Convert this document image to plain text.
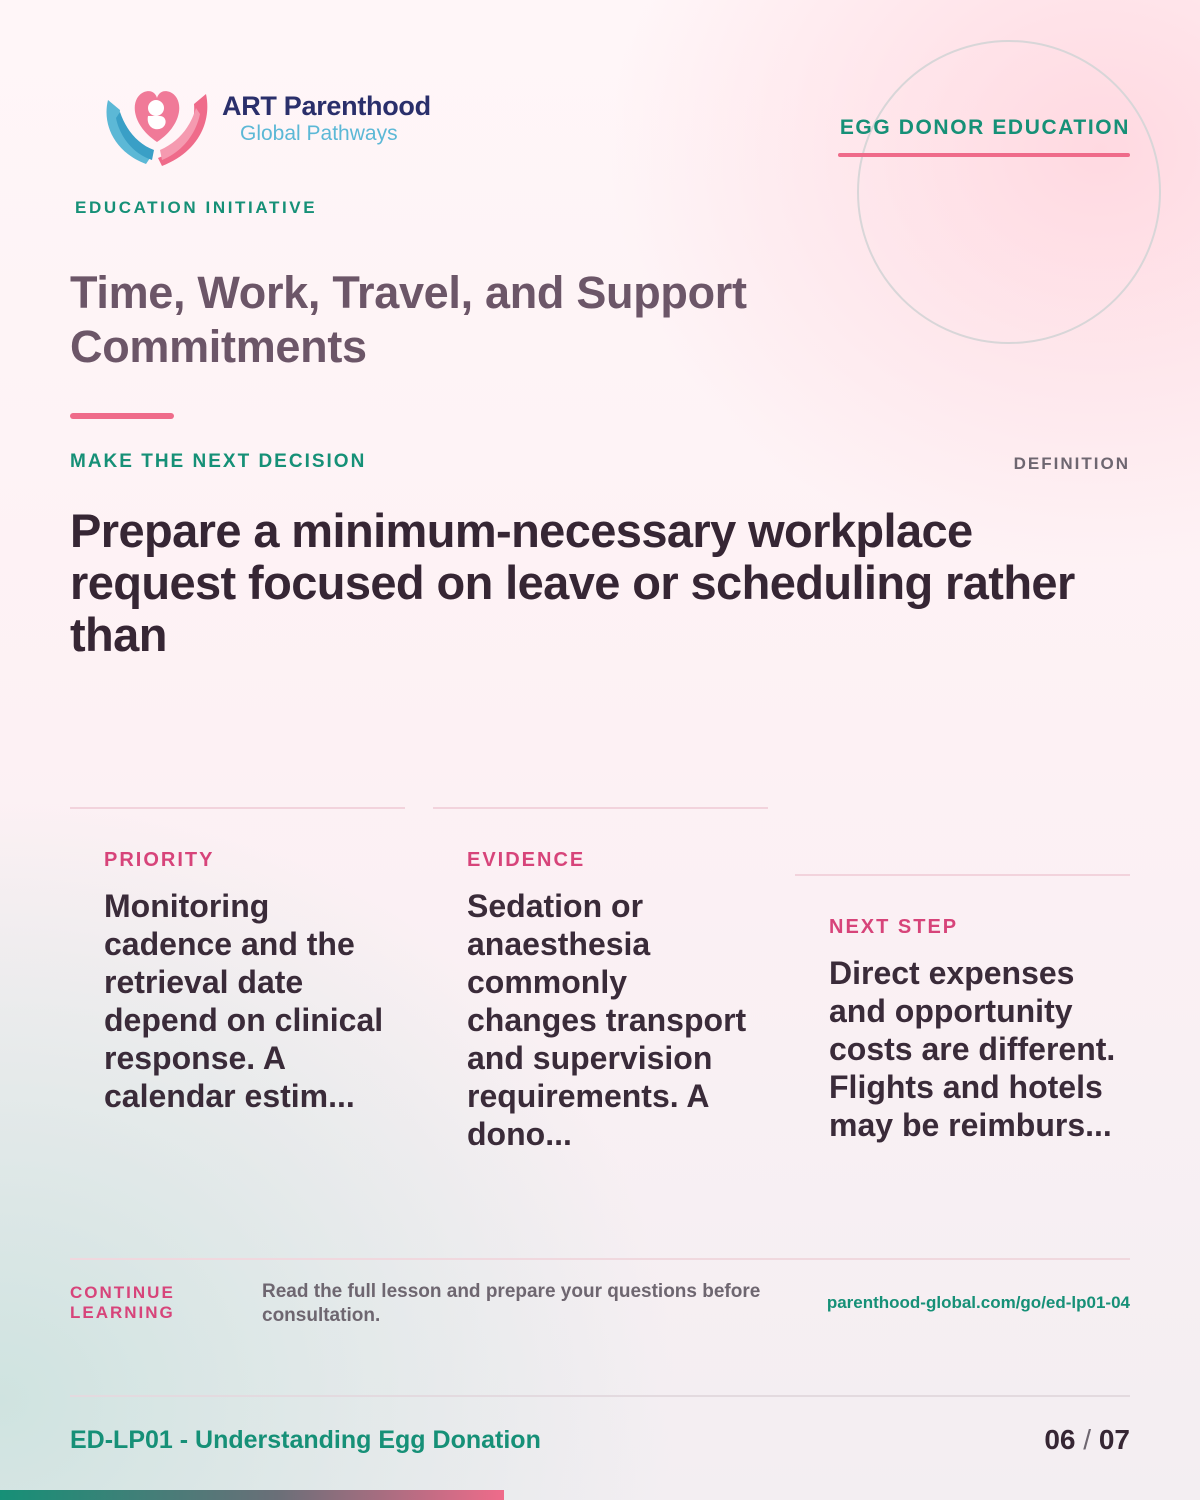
ART Parenthood
Global Pathways	EGG DONOR EDUCATION
EDUCATION INITIATIVE
Time, Work, Travel, and Support Commitments
MAKE THE NEXT DECISION	DEFINITION
Prepare a minimum-necessary workplace request focused on leave or scheduling rather than
PRIORITY
Monitoring cadence and the retrieval date depend on clinical response. A calendar estim...
EVIDENCE
Sedation or anaesthesia commonly changes transport and supervision requirements. A dono...
NEXT STEP
Direct expenses and opportunity costs are different. Flights and hotels may be reimburs...
CONTINUE LEARNING
Read the full lesson and prepare your questions before consultation.
parenthood-global.com/go/ed-lp01-04
ED-LP01 - Understanding Egg Donation	06 / 07
